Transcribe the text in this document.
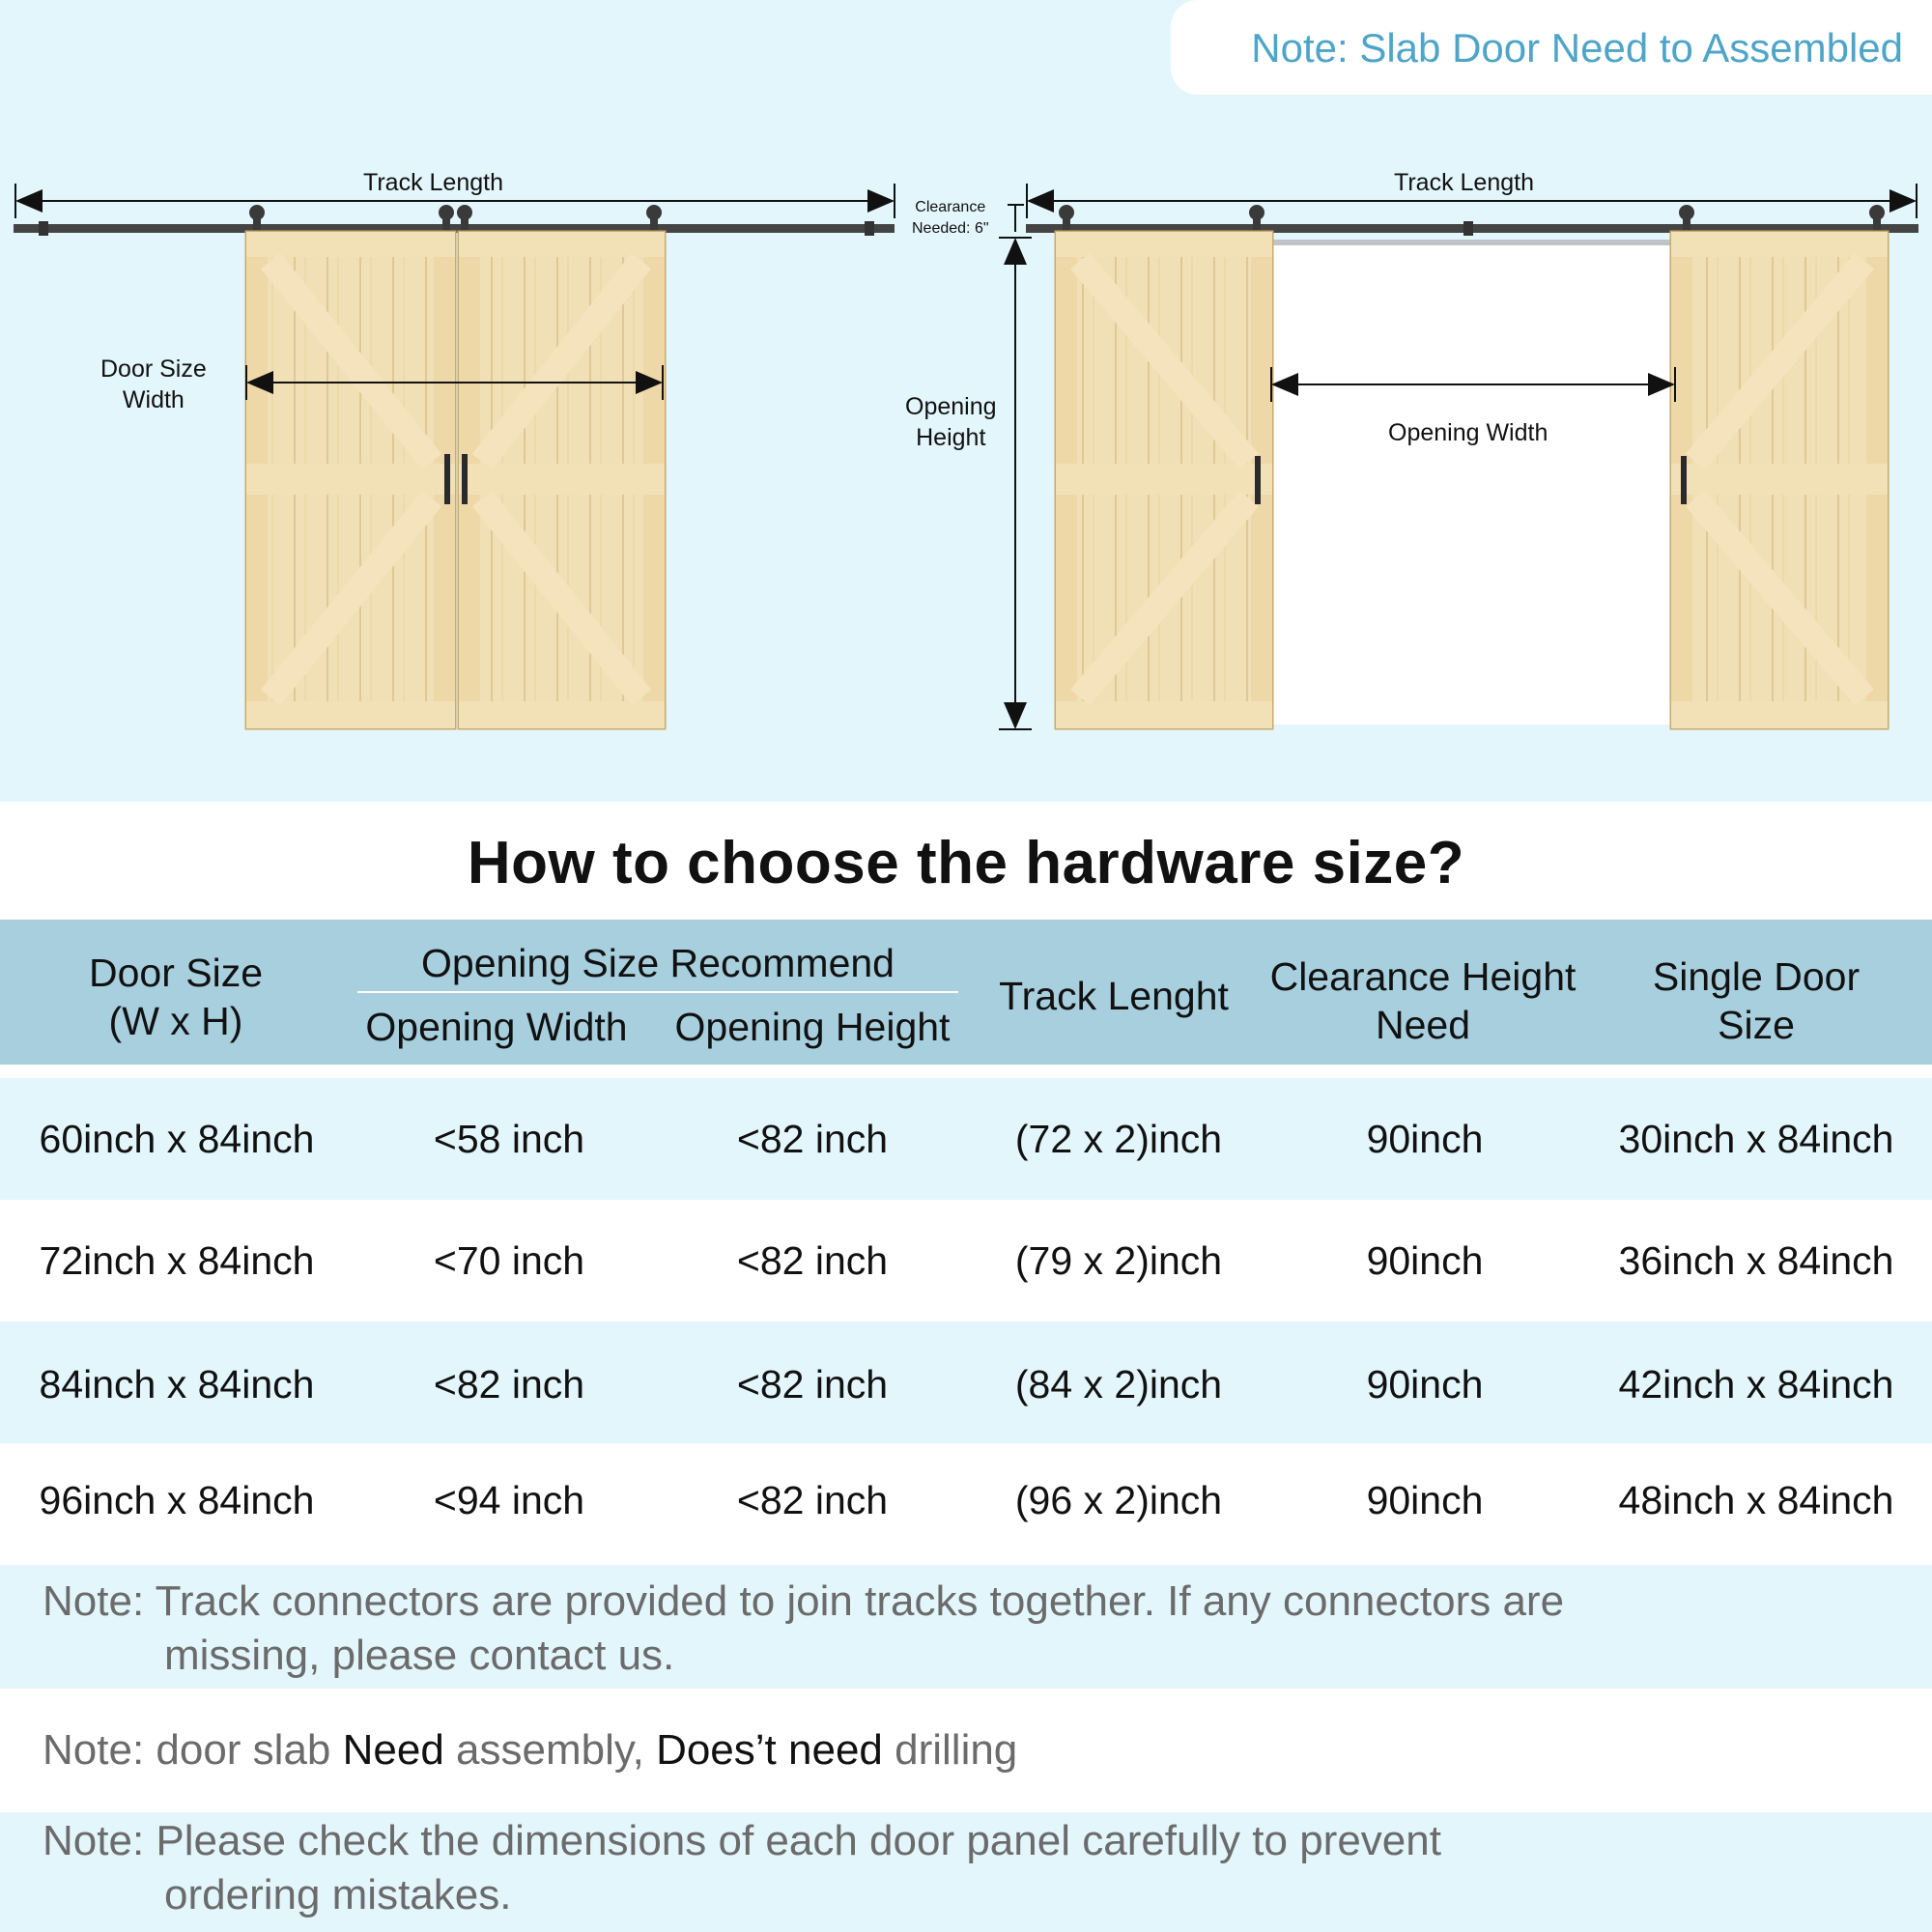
Note: Slab Door Need to Assembled
Track Length	Track Length
Door Size
Width
Clearance
Needed: 6"
Opening
Height	Opening Width
How to choose the hardware size?
Door Size
(W x H)
Opening Size Recommend
Opening Width	Opening Height
Track Lenght	Clearance Height
Need
Single Door
Size
60inch x 84inch	<58 inch	<82 inch	(72 x 2)inch	90inch	30inch x 84inch
72inch x 84inch	<70 inch	<82 inch	(79 x 2)inch	90inch	36inch x 84inch
84inch x 84inch	<82 inch	<82 inch	(84 x 2)inch	90inch	42inch x 84inch
96inch x 84inch	<94 inch	<82 inch	(96 x 2)inch	90inch	48inch x 84inch
Note: Track connectors are provided to join tracks together. If any connectors are
missing, please contact us.
Note: door slab Need assembly, Does’t need drilling
Note: Please check the dimensions of each door panel carefully to prevent
ordering mistakes.
